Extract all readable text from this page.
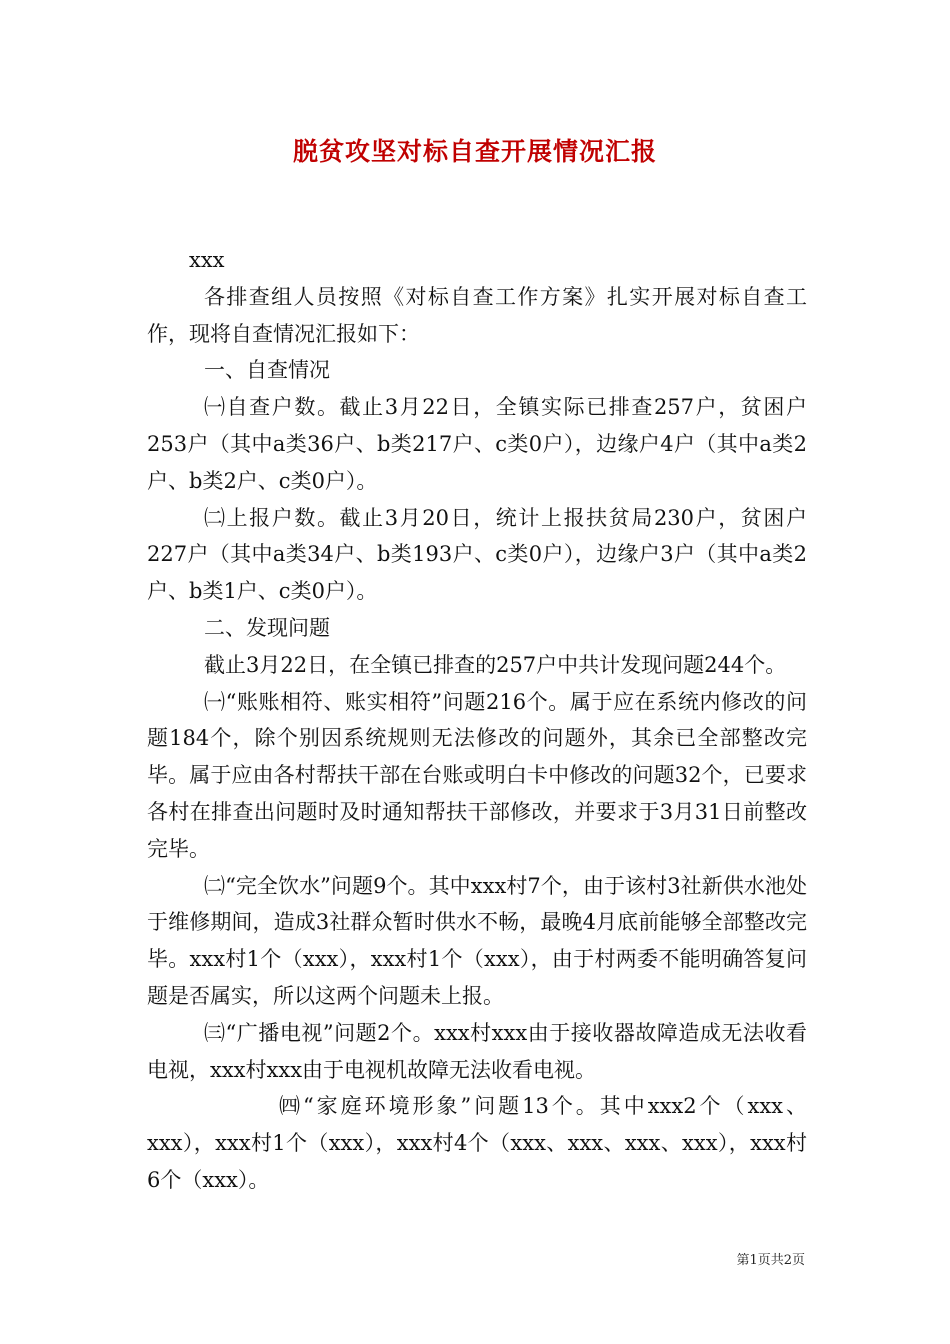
脱贫攻坚对标自查开展情况汇报

xxx

各排查组人员按照《对标自查工作方案》扎实开展对标自查工作，现将自查情况汇报如下：

一、自查情况

㈠自查户数。截止3月22日，全镇实际已排查257户，贫困户253户（其中a类36户、b类217户、c类0户），边缘户4户（其中a类2户、b类2户、c类0户）。

㈡上报户数。截止3月20日，统计上报扶贫局230户，贫困户227户（其中a类34户、b类193户、c类0户），边缘户3户（其中a类2户、b类1户、c类0户）。

二、发现问题

截止3月22日，在全镇已排查的257户中共计发现问题244个。

㈠“账账相符、账实相符”问题216个。属于应在系统内修改的问题184个，除个别因系统规则无法修改的问题外，其余已全部整改完毕。属于应由各村帮扶干部在台账或明白卡中修改的问题32个，已要求各村在排查出问题时及时通知帮扶干部修改，并要求于3月31日前整改完毕。

㈡“完全饮水”问题9个。其中xxx村7个，由于该村3社新供水池处于维修期间，造成3社群众暂时供水不畅，最晚4月底前能够全部整改完毕。xxx村1个（xxx），xxx村1个（xxx），由于村两委不能明确答复问题是否属实，所以这两个问题未上报。

㈢“广播电视”问题2个。xxx村xxx由于接收器故障造成无法收看电视，xxx村xxx由于电视机故障无法收看电视。

㈣“家庭环境形象”问题13个。其中xxx2个（xxx、xxx），xxx村1个（xxx），xxx村4个（xxx、xxx、xxx、xxx），xxx村6个（xxx）。

第1页共2页
